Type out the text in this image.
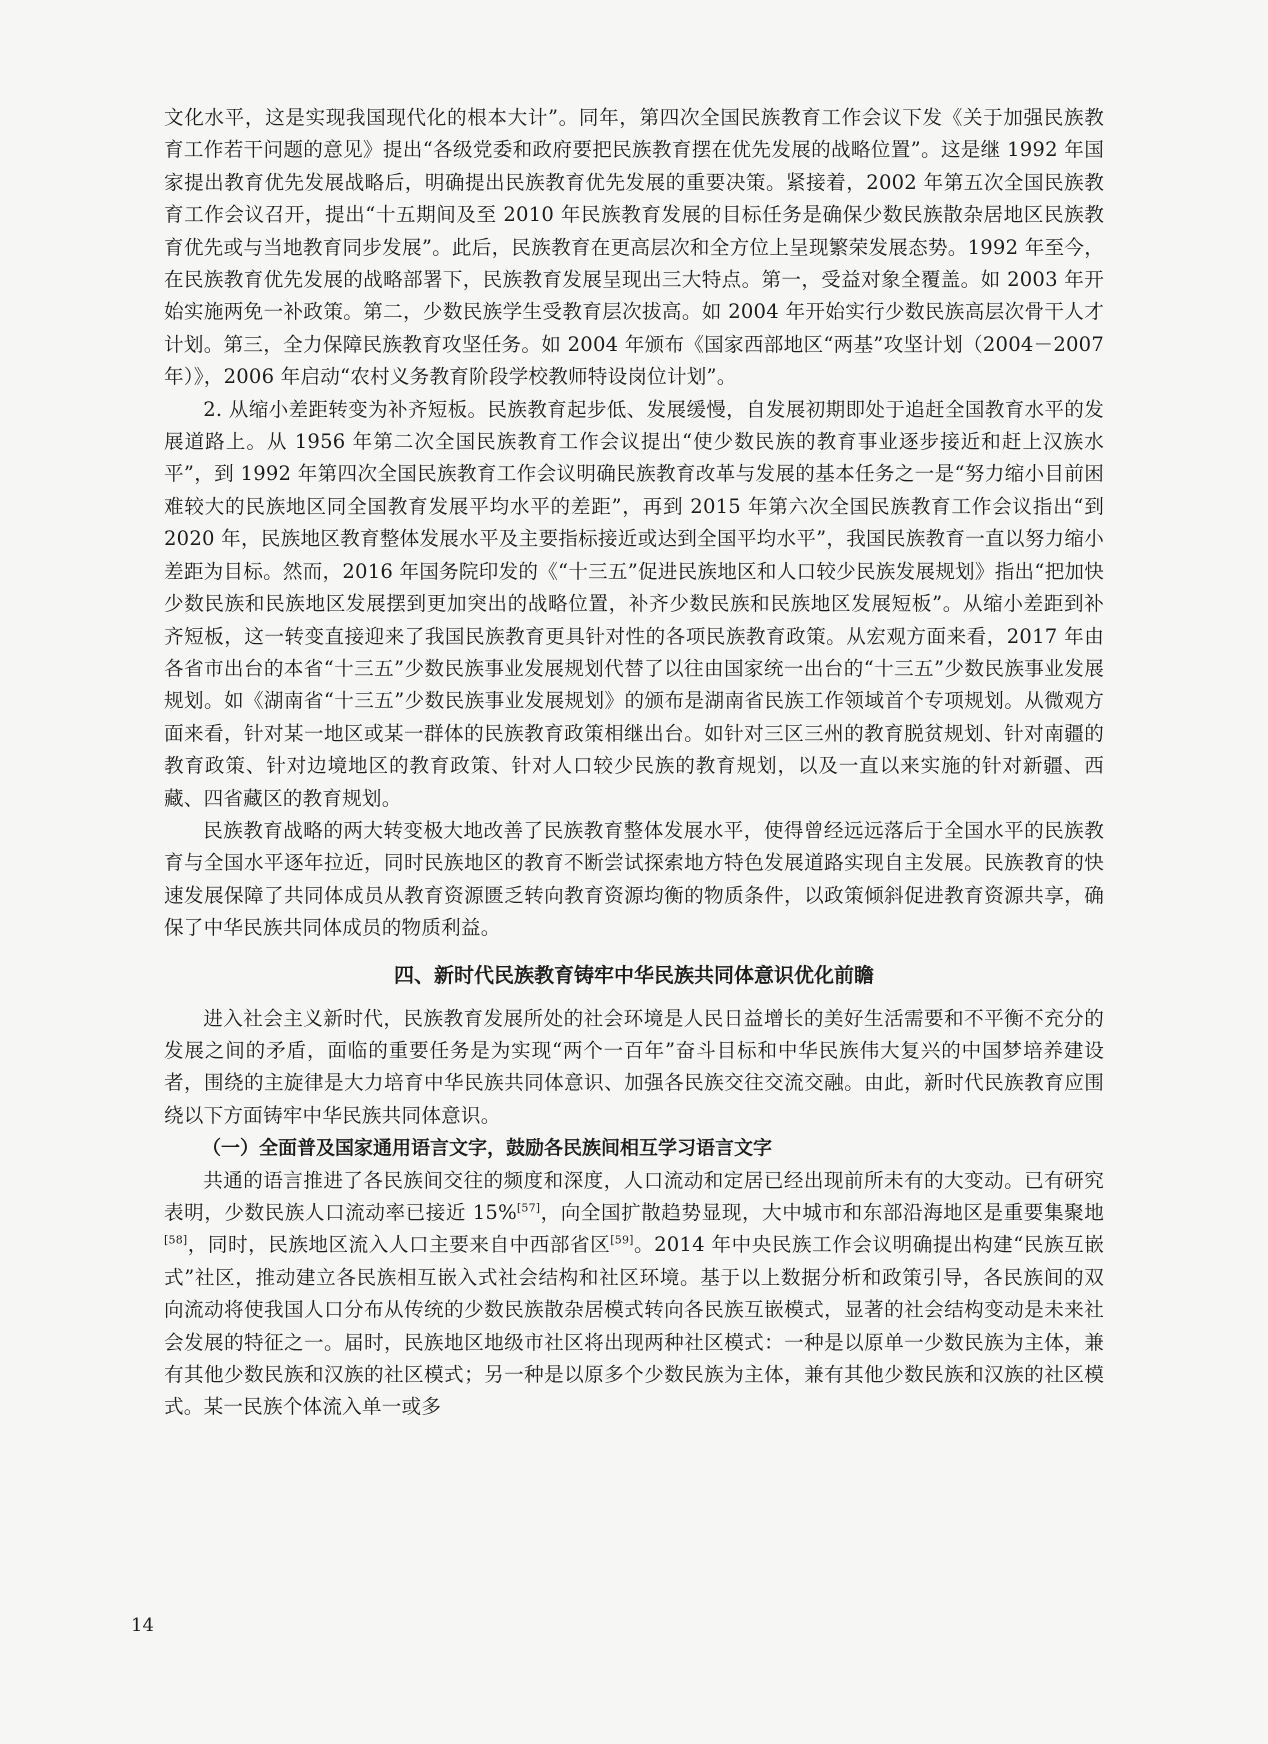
文化水平，这是实现我国现代化的根本大计”。同年，第四次全国民族教育工作会议下发《关于加强民族教育工作若干问题的意见》提出“各级党委和政府要把民族教育摆在优先发展的战略位置”。这是继 1992 年国家提出教育优先发展战略后，明确提出民族教育优先发展的重要决策。紧接着，2002 年第五次全国民族教育工作会议召开，提出“十五期间及至 2010 年民族教育发展的目标任务是确保少数民族散杂居地区民族教育优先或与当地教育同步发展”。此后，民族教育在更高层次和全方位上呈现繁荣发展态势。1992 年至今，在民族教育优先发展的战略部署下，民族教育发展呈现出三大特点。第一，受益对象全覆盖。如 2003 年开始实施两免一补政策。第二，少数民族学生受教育层次拔高。如 2004 年开始实行少数民族高层次骨干人才计划。第三，全力保障民族教育攻坚任务。如 2004 年颁布《国家西部地区“两基”攻坚计划（2004－2007 年）》，2006 年启动“农村义务教育阶段学校教师特设岗位计划”。

2. 从缩小差距转变为补齐短板。民族教育起步低、发展缓慢，自发展初期即处于追赶全国教育水平的发展道路上。从 1956 年第二次全国民族教育工作会议提出“使少数民族的教育事业逐步接近和赶上汉族水平”，到 1992 年第四次全国民族教育工作会议明确民族教育改革与发展的基本任务之一是“努力缩小目前困难较大的民族地区同全国教育发展平均水平的差距”，再到 2015 年第六次全国民族教育工作会议指出“到 2020 年，民族地区教育整体发展水平及主要指标接近或达到全国平均水平”，我国民族教育一直以努力缩小差距为目标。然而，2016 年国务院印发的《“十三五”促进民族地区和人口较少民族发展规划》指出“把加快少数民族和民族地区发展摆到更加突出的战略位置，补齐少数民族和民族地区发展短板”。从缩小差距到补齐短板，这一转变直接迎来了我国民族教育更具针对性的各项民族教育政策。从宏观方面来看，2017 年由各省市出台的本省“十三五”少数民族事业发展规划代替了以往由国家统一出台的“十三五”少数民族事业发展规划。如《湖南省“十三五”少数民族事业发展规划》的颁布是湖南省民族工作领域首个专项规划。从微观方面来看，针对某一地区或某一群体的民族教育政策相继出台。如针对三区三州的教育脱贫规划、针对南疆的教育政策、针对边境地区的教育政策、针对人口较少民族的教育规划，以及一直以来实施的针对新疆、西藏、四省藏区的教育规划。

民族教育战略的两大转变极大地改善了民族教育整体发展水平，使得曾经远远落后于全国水平的民族教育与全国水平逐年拉近，同时民族地区的教育不断尝试探索地方特色发展道路实现自主发展。民族教育的快速发展保障了共同体成员从教育资源匮乏转向教育资源均衡的物质条件，以政策倾斜促进教育资源共享，确保了中华民族共同体成员的物质利益。

四、新时代民族教育铸牢中华民族共同体意识优化前瞻

进入社会主义新时代，民族教育发展所处的社会环境是人民日益增长的美好生活需要和不平衡不充分的发展之间的矛盾，面临的重要任务是为实现“两个一百年”奋斗目标和中华民族伟大复兴的中国梦培养建设者，围绕的主旋律是大力培育中华民族共同体意识、加强各民族交往交流交融。由此，新时代民族教育应围绕以下方面铸牢中华民族共同体意识。

（一）全面普及国家通用语言文字，鼓励各民族间相互学习语言文字

共通的语言推进了各民族间交往的频度和深度，人口流动和定居已经出现前所未有的大变动。已有研究表明，少数民族人口流动率已接近 15%[57]，向全国扩散趋势显现，大中城市和东部沿海地区是重要集聚地[58]，同时，民族地区流入人口主要来自中西部省区[59]。2014 年中央民族工作会议明确提出构建“民族互嵌式”社区，推动建立各民族相互嵌入式社会结构和社区环境。基于以上数据分析和政策引导，各民族间的双向流动将使我国人口分布从传统的少数民族散杂居模式转向各民族互嵌模式，显著的社会结构变动是未来社会发展的特征之一。届时，民族地区地级市社区将出现两种社区模式：一种是以原单一少数民族为主体，兼有其他少数民族和汉族的社区模式；另一种是以原多个少数民族为主体，兼有其他少数民族和汉族的社区模式。某一民族个体流入单一或多

14
